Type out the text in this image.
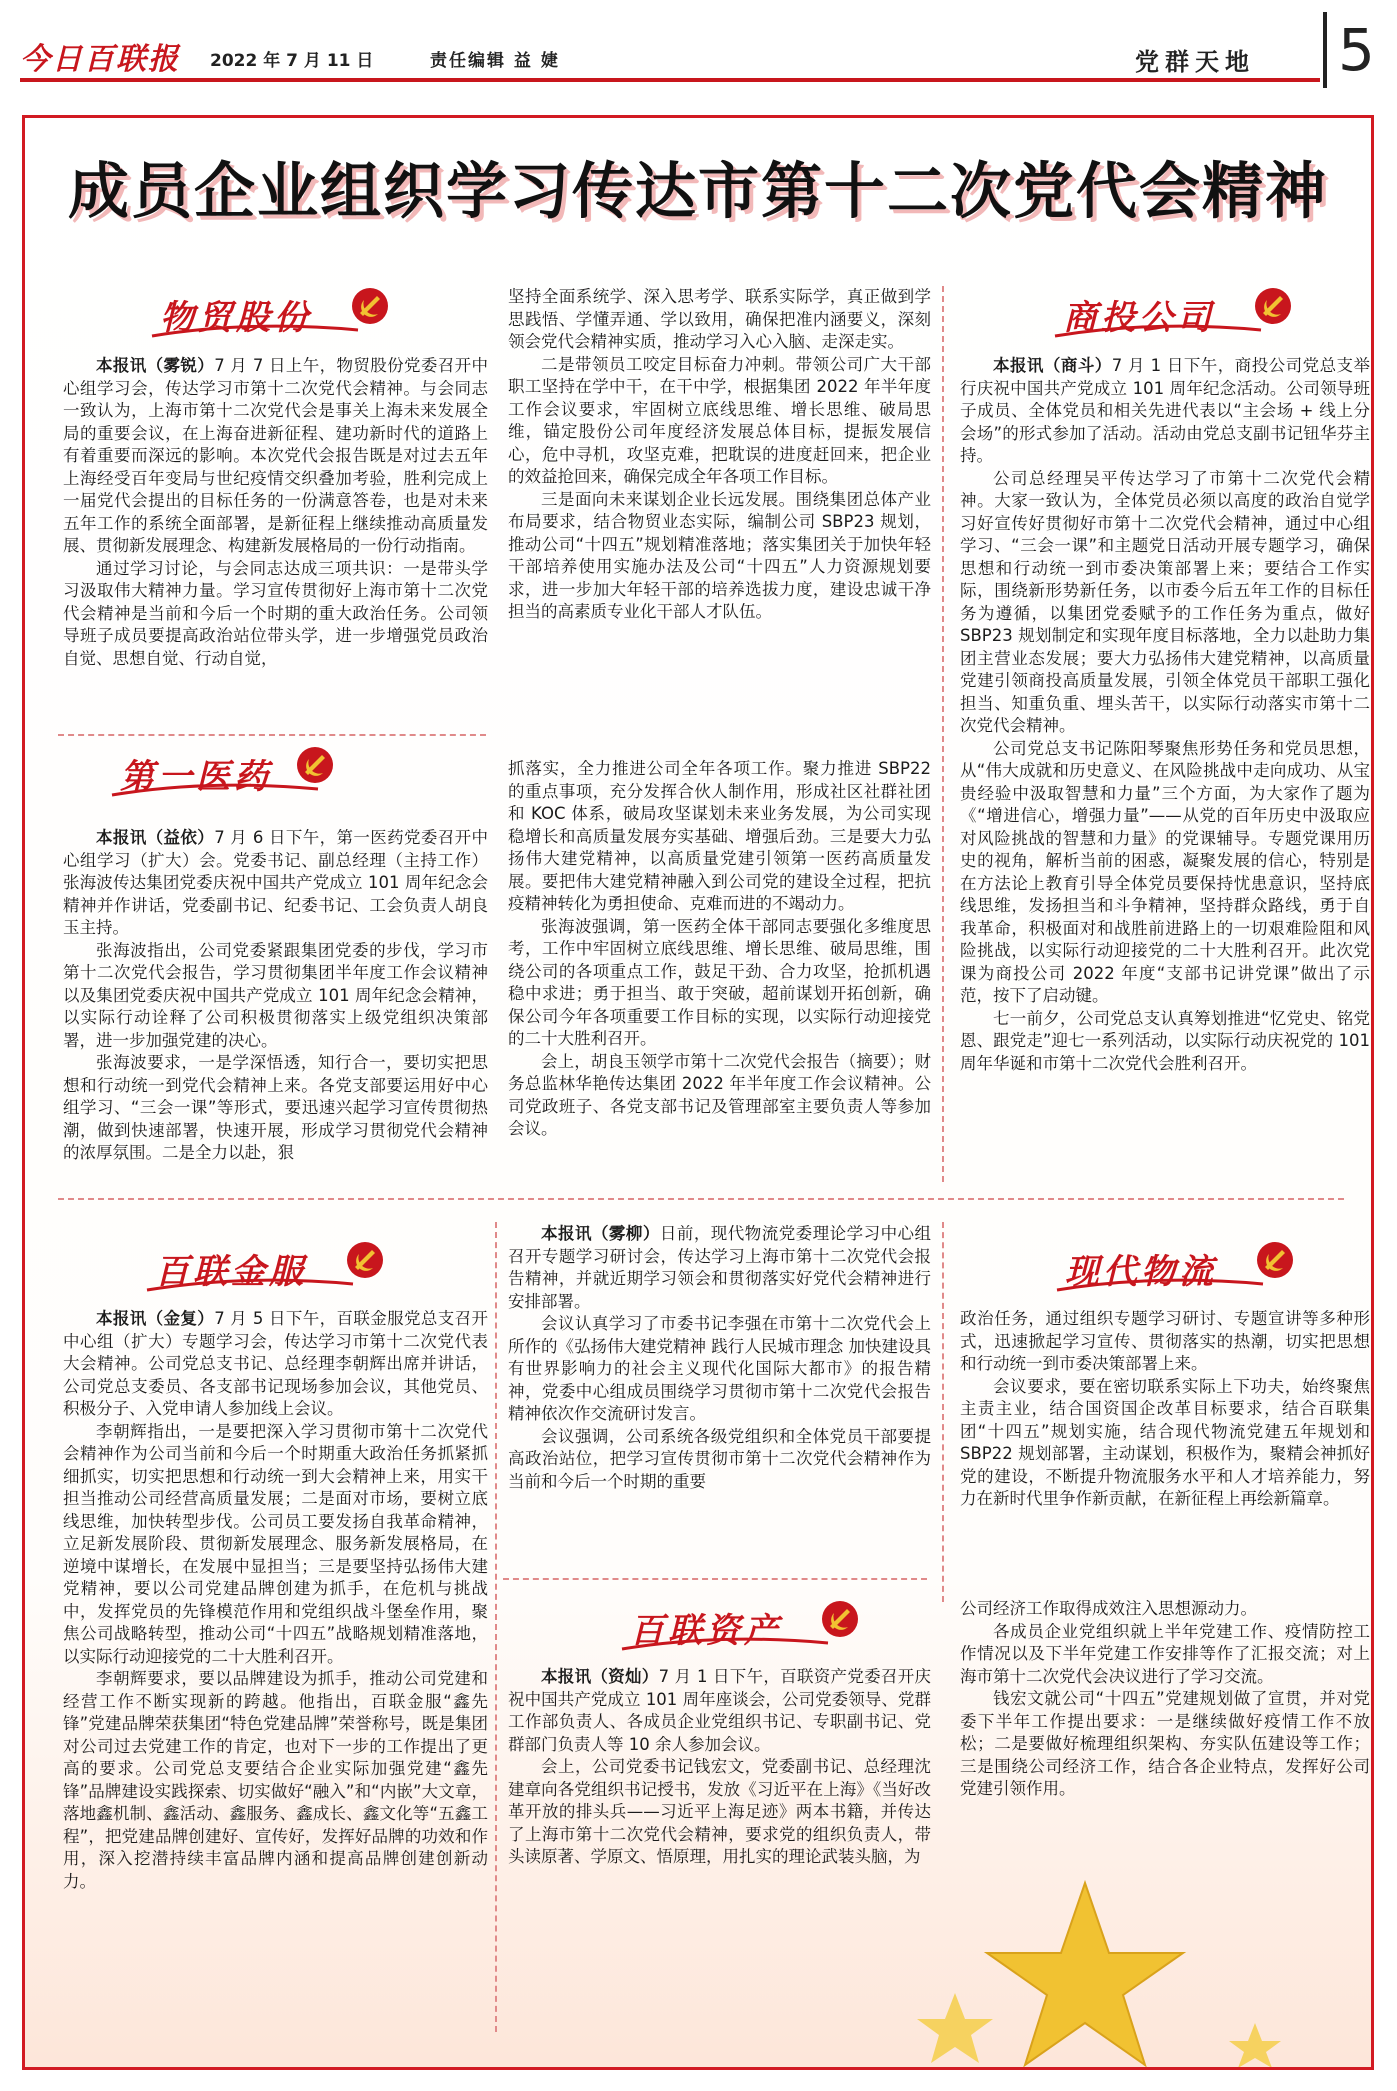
今日百联报 2022 年 7 月 11 日	责任编辑 益 婕	党群天地 5
成员企业组织学习传达市第十二次党代会精神
物贸股份

本报讯（雾锐）7 月 7 日上午，物贸股份党委召开中心组学习会，传达学习市第十二次党代会精神。与会同志一致认为，上海市第十二次党代会是事关上海未来发展全局的重要会议，在上海奋进新征程、建功新时代的道路上有着重要而深远的影响。本次党代会报告既是对过去五年上海经受百年变局与世纪疫情交织叠加考验，胜利完成上一届党代会提出的目标任务的一份满意答卷，也是对未来五年工作的系统全面部署，是新征程上继续推动高质量发展、贯彻新发展理念、构建新发展格局的一份行动指南。

通过学习讨论，与会同志达成三项共识：一是带头学习汲取伟大精神力量。学习宣传贯彻好上海市第十二次党代会精神是当前和今后一个时期的重大政治任务。公司领导班子成员要提高政治站位带头学，进一步增强党员政治自觉、思想自觉、行动自觉，

坚持全面系统学、深入思考学、联系实际学，真正做到学思践悟、学懂弄通、学以致用，确保把准内涵要义，深刻领会党代会精神实质，推动学习入心入脑、走深走实。

二是带领员工咬定目标奋力冲刺。带领公司广大干部职工坚持在学中干，在干中学，根据集团 2022 年半年度工作会议要求，牢固树立底线思维、增长思维、破局思维，锚定股份公司年度经济发展总体目标，提振发展信心，危中寻机，攻坚克难，把耽误的进度赶回来，把企业的效益抢回来，确保完成全年各项工作目标。

三是面向未来谋划企业长远发展。围绕集团总体产业布局要求，结合物贸业态实际，编制公司 SBP23 规划，推动公司“十四五”规划精准落地；落实集团关于加快年轻干部培养使用实施办法及公司“十四五”人力资源规划要求，进一步加大年轻干部的培养选拔力度，建设忠诚干净担当的高素质专业化干部人才队伍。

第一医药

本报讯（益依）7 月 6 日下午，第一医药党委召开中心组学习（扩大）会。党委书记、副总经理（主持工作）张海波传达集团党委庆祝中国共产党成立 101 周年纪念会精神并作讲话，党委副书记、纪委书记、工会负责人胡良玉主持。

张海波指出，公司党委紧跟集团党委的步伐，学习市第十二次党代会报告，学习贯彻集团半年度工作会议精神以及集团党委庆祝中国共产党成立 101 周年纪念会精神，以实际行动诠释了公司积极贯彻落实上级党组织决策部署，进一步加强党建的决心。

张海波要求，一是学深悟透，知行合一，要切实把思想和行动统一到党代会精神上来。各党支部要运用好中心组学习、“三会一课”等形式，要迅速兴起学习宣传贯彻热潮，做到快速部署，快速开展，形成学习贯彻党代会精神的浓厚氛围。二是全力以赴，狠

抓落实，全力推进公司全年各项工作。聚力推进 SBP22 的重点事项，充分发挥合伙人制作用，形成社区社群社团和 KOC 体系，破局攻坚谋划未来业务发展，为公司实现稳增长和高质量发展夯实基础、增强后劲。三是要大力弘扬伟大建党精神，以高质量党建引领第一医药高质量发展。要把伟大建党精神融入到公司党的建设全过程，把抗疫精神转化为勇担使命、克难而进的不竭动力。

张海波强调，第一医药全体干部同志要强化多维度思考，工作中牢固树立底线思维、增长思维、破局思维，围绕公司的各项重点工作，鼓足干劲、合力攻坚，抢抓机遇稳中求进；勇于担当、敢于突破，超前谋划开拓创新，确保公司今年各项重要工作目标的实现，以实际行动迎接党的二十大胜利召开。

会上，胡良玉领学市第十二次党代会报告（摘要）；财务总监林华艳传达集团 2022 年半年度工作会议精神。公司党政班子、各党支部书记及管理部室主要负责人等参加会议。

商投公司

本报讯（商斗）7 月 1 日下午，商投公司党总支举行庆祝中国共产党成立 101 周年纪念活动。公司领导班子成员、全体党员和相关先进代表以“主会场 + 线上分会场”的形式参加了活动。活动由党总支副书记钮华芬主持。

公司总经理吴平传达学习了市第十二次党代会精神。大家一致认为，全体党员必须以高度的政治自觉学习好宣传好贯彻好市第十二次党代会精神，通过中心组学习、“三会一课”和主题党日活动开展专题学习，确保思想和行动统一到市委决策部署上来；要结合工作实际，围绕新形势新任务，以市委今后五年工作的目标任务为遵循，以集团党委赋予的工作任务为重点，做好 SBP23 规划制定和实现年度目标落地，全力以赴助力集团主营业态发展；要大力弘扬伟大建党精神，以高质量党建引领商投高质量发展，引领全体党员干部职工强化担当、知重负重、埋头苦干，以实际行动落实市第十二次党代会精神。

公司党总支书记陈阳琴聚焦形势任务和党员思想，从“伟大成就和历史意义、在风险挑战中走向成功、从宝贵经验中汲取智慧和力量”三个方面，为大家作了题为《“增进信心，增强力量”——从党的百年历史中汲取应对风险挑战的智慧和力量》的党课辅导。专题党课用历史的视角，解析当前的困惑，凝聚发展的信心，特别是在方法论上教育引导全体党员要保持忧患意识，坚持底线思维，发扬担当和斗争精神，坚持群众路线，勇于自我革命，积极面对和战胜前进路上的一切艰难险阻和风险挑战，以实际行动迎接党的二十大胜利召开。此次党课为商投公司 2022 年度“支部书记讲党课”做出了示范，按下了启动键。

七一前夕，公司党总支认真筹划推进“忆党史、铭党恩、跟党走”迎七一系列活动，以实际行动庆祝党的 101 周年华诞和市第十二次党代会胜利召开。

百联金服

本报讯（金复）7 月 5 日下午，百联金服党总支召开中心组（扩大）专题学习会，传达学习市第十二次党代表大会精神。公司党总支书记、总经理李朝辉出席并讲话，公司党总支委员、各支部书记现场参加会议，其他党员、积极分子、入党申请人参加线上会议。

李朝辉指出，一是要把深入学习贯彻市第十二次党代会精神作为公司当前和今后一个时期重大政治任务抓紧抓细抓实，切实把思想和行动统一到大会精神上来，用实干担当推动公司经营高质量发展；二是面对市场，要树立底线思维，加快转型步伐。公司员工要发扬自我革命精神，立足新发展阶段、贯彻新发展理念、服务新发展格局，在逆境中谋增长，在发展中显担当；三是要坚持弘扬伟大建党精神，要以公司党建品牌创建为抓手，在危机与挑战中，发挥党员的先锋模范作用和党组织战斗堡垒作用，聚焦公司战略转型，推动公司“十四五”战略规划精准落地，以实际行动迎接党的二十大胜利召开。

李朝辉要求，要以品牌建设为抓手，推动公司党建和经营工作不断实现新的跨越。他指出，百联金服“鑫先锋”党建品牌荣获集团“特色党建品牌”荣誉称号，既是集团对公司过去党建工作的肯定，也对下一步的工作提出了更高的要求。公司党总支要结合企业实际加强党建“鑫先锋”品牌建设实践探索、切实做好“融入”和“内嵌”大文章，落地鑫机制、鑫活动、鑫服务、鑫成长、鑫文化等“五鑫工程”，把党建品牌创建好、宣传好，发挥好品牌的功效和作用，深入挖潜持续丰富品牌内涵和提高品牌创建创新动力。

本报讯（雾柳）日前，现代物流党委理论学习中心组召开专题学习研讨会，传达学习上海市第十二次党代会报告精神，并就近期学习领会和贯彻落实好党代会精神进行安排部署。

会议认真学习了市委书记李强在市第十二次党代会上所作的《弘扬伟大建党精神 践行人民城市理念 加快建设具有世界影响力的社会主义现代化国际大都市》的报告精神，党委中心组成员围绕学习贯彻市第十二次党代会报告精神依次作交流研讨发言。

会议强调，公司系统各级党组织和全体党员干部要提高政治站位，把学习宣传贯彻市第十二次党代会精神作为当前和今后一个时期的重要

现代物流

政治任务，通过组织专题学习研讨、专题宣讲等多种形式，迅速掀起学习宣传、贯彻落实的热潮，切实把思想和行动统一到市委决策部署上来。

会议要求，要在密切联系实际上下功夫，始终聚焦主责主业，结合国资国企改革目标要求，结合百联集团“十四五”规划实施，结合现代物流党建五年规划和 SBP22 规划部署，主动谋划，积极作为，聚精会神抓好党的建设，不断提升物流服务水平和人才培养能力，努力在新时代里争作新贡献，在新征程上再绘新篇章。

百联资产

本报讯（资灿）7 月 1 日下午，百联资产党委召开庆祝中国共产党成立 101 周年座谈会，公司党委领导、党群工作部负责人、各成员企业党组织书记、专职副书记、党群部门负责人等 10 余人参加会议。

会上，公司党委书记钱宏文，党委副书记、总经理沈建章向各党组织书记授书，发放《习近平在上海》《当好改革开放的排头兵——习近平上海足迹》两本书籍，并传达了上海市第十二次党代会精神，要求党的组织负责人，带头读原著、学原文、悟原理，用扎实的理论武装头脑，为

公司经济工作取得成效注入思想源动力。

各成员企业党组织就上半年党建工作、疫情防控工作情况以及下半年党建工作安排等作了汇报交流；对上海市第十二次党代会决议进行了学习交流。

钱宏文就公司“十四五”党建规划做了宣贯，并对党委下半年工作提出要求：一是继续做好疫情工作不放松；二是要做好梳理组织架构、夯实队伍建设等工作；三是围绕公司经济工作，结合各企业特点，发挥好公司党建引领作用。
